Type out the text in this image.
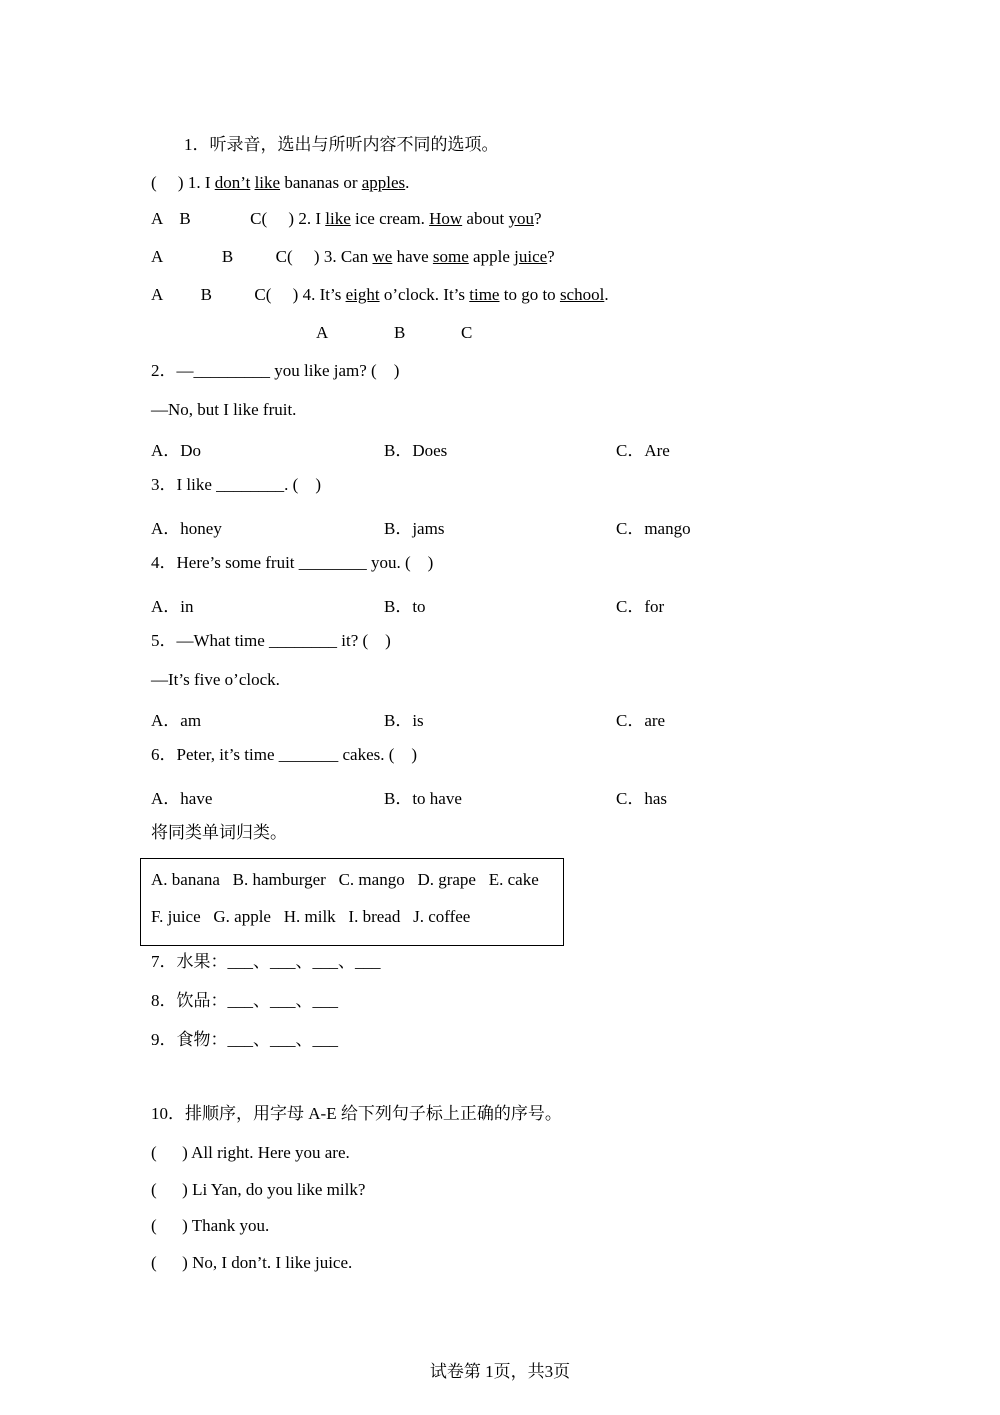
1．听录音，选出与所听内容不同的选项。
(     ) 1. I don’t like bananas or apples.
A    B              C(     ) 2. I like ice cream. How about you?
A              B          C(     ) 3. Can we have some apple juice?
A         B          C(     ) 4. It’s eight o’clock. It’s time to go to school.
A	B	C
2．—_________ you like jam? (    )
—No, but I like fruit.
A．Do	B．Does	C．Are
3．I like ________. (    )
A．honey	B．jams	C．mango
4．Here’s some fruit ________ you. (    )
A．in	B．to	C．for
5．—What time ________ it? (    )
—It’s five o’clock.
A．am	B．is	C．are
6．Peter, it’s time _______ cakes. (    )
A．have	B．to have	C．has
将同类单词归类。
A. banana   B. hamburger   C. mango   D. grape   E. cake
F. juice   G. apple   H. milk   I. bread   J. coffee
7．水果：___、___、___、___
8．饮品：___、___、___
9．食物：___、___、___
10．排顺序，用字母 A-E 给下列句子标上正确的序号。
(      ) All right. Here you are.
(      ) Li Yan, do you like milk?
(      ) Thank you.
(      ) No, I don’t. I like juice.
试卷第 1页，共3页
